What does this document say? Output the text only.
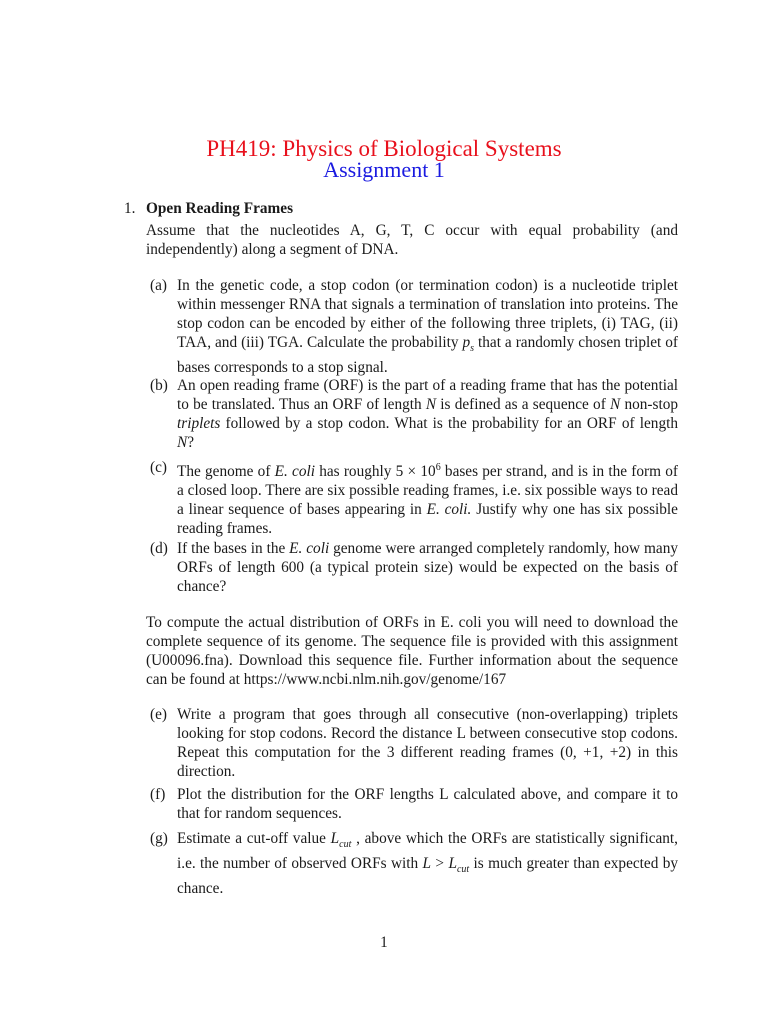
PH419: Physics of Biological Systems
Assignment 1
1. Open Reading Frames

Assume that the nucleotides A, G, T, C occur with equal probability (and independently) along a segment of DNA.

(a) In the genetic code, a stop codon (or termination codon) is a nucleotide triplet within messenger RNA that signals a termination of translation into proteins. The stop codon can be encoded by either of the following three triplets, (i) TAG, (ii) TAA, and (iii) TGA. Calculate the probability $p_s$ that a randomly chosen triplet of bases corresponds to a stop signal.
(b) An open reading frame (ORF) is the part of a reading frame that has the potential to be translated. Thus an ORF of length N is defined as a sequence of N non-stop triplets followed by a stop codon. What is the probability for an ORF of length N?
(c) The genome of E. coli has roughly $5 \times 10^6$ bases per strand, and is in the form of a closed loop. There are six possible reading frames, i.e. six possible ways to read a linear sequence of bases appearing in E. coli. Justify why one has six possible reading frames.
(d) If the bases in the E. coli genome were arranged completely randomly, how many ORFs of length 600 (a typical protein size) would be expected on the basis of chance?

To compute the actual distribution of ORFs in E. coli you will need to download the complete sequence of its genome. The sequence file is provided with this assignment (U00096.fna). Download this sequence file. Further information about the sequence can be found at https://www.ncbi.nlm.nih.gov/genome/167

(e) Write a program that goes through all consecutive (non-overlapping) triplets looking for stop codons. Record the distance L between consecutive stop codons. Repeat this computation for the 3 different reading frames (0, +1, +2) in this direction.
(f) Plot the distribution for the ORF lengths L calculated above, and compare it to that for random sequences.
(g) Estimate a cut-off value $L_{cut}$ , above which the ORFs are statistically significant, i.e. the number of observed ORFs with $L > L_{cut}$ is much greater than expected by chance.
1
